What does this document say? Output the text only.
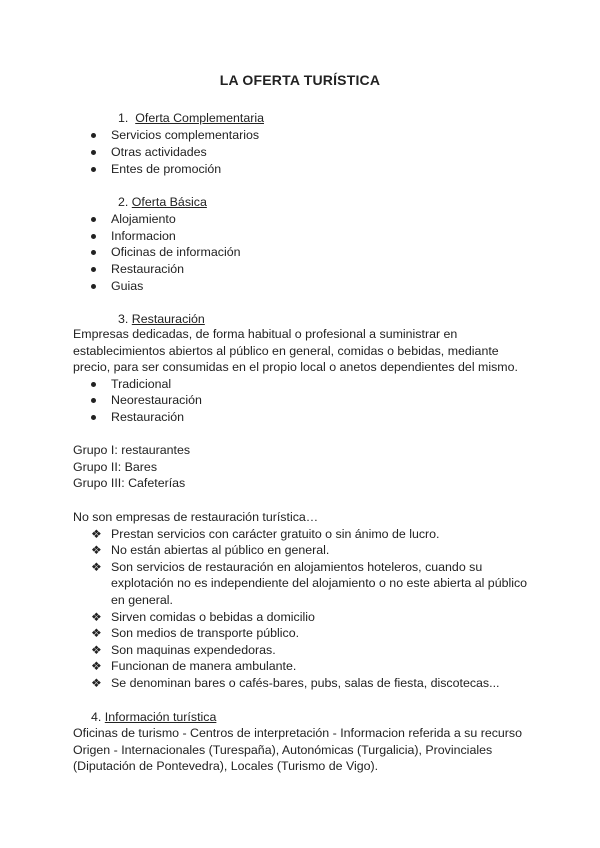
LA OFERTA TURÍSTICA
1. Oferta Complementaria
Servicios complementarios
Otras actividades
Entes de promoción
2. Oferta Básica
Alojamiento
Informacion
Oficinas de información
Restauración
Guias
3. Restauración
Empresas dedicadas, de forma habitual o profesional a suministrar en
establecimientos abiertos al público en general, comidas o bebidas, mediante
precio, para ser consumidas en el propio local o anetos dependientes del mismo.
Tradicional
Neorestauración
Restauración
Grupo I: restaurantes
Grupo II: Bares
Grupo III: Cafeterías
No son empresas de restauración turística…
❖ Prestan servicios con carácter gratuito o sin ánimo de lucro.
❖ No están abiertas al público en general.
❖ Son servicios de restauración en alojamientos hoteleros, cuando su
explotación no es independiente del alojamiento o no este abierta al público
en general.
❖ Sirven comidas o bebidas a domicilio
❖ Son medios de transporte público.
❖ Son maquinas expendedoras.
❖ Funcionan de manera ambulante.
❖ Se denominan bares o cafés-bares, pubs, salas de fiesta, discotecas...
4. Información turística
Oficinas de turismo - Centros de interpretación - Informacion referida a su recurso
Origen - Internacionales (Turespaña), Autonómicas (Turgalicia), Provinciales
(Diputación de Pontevedra), Locales (Turismo de Vigo).
